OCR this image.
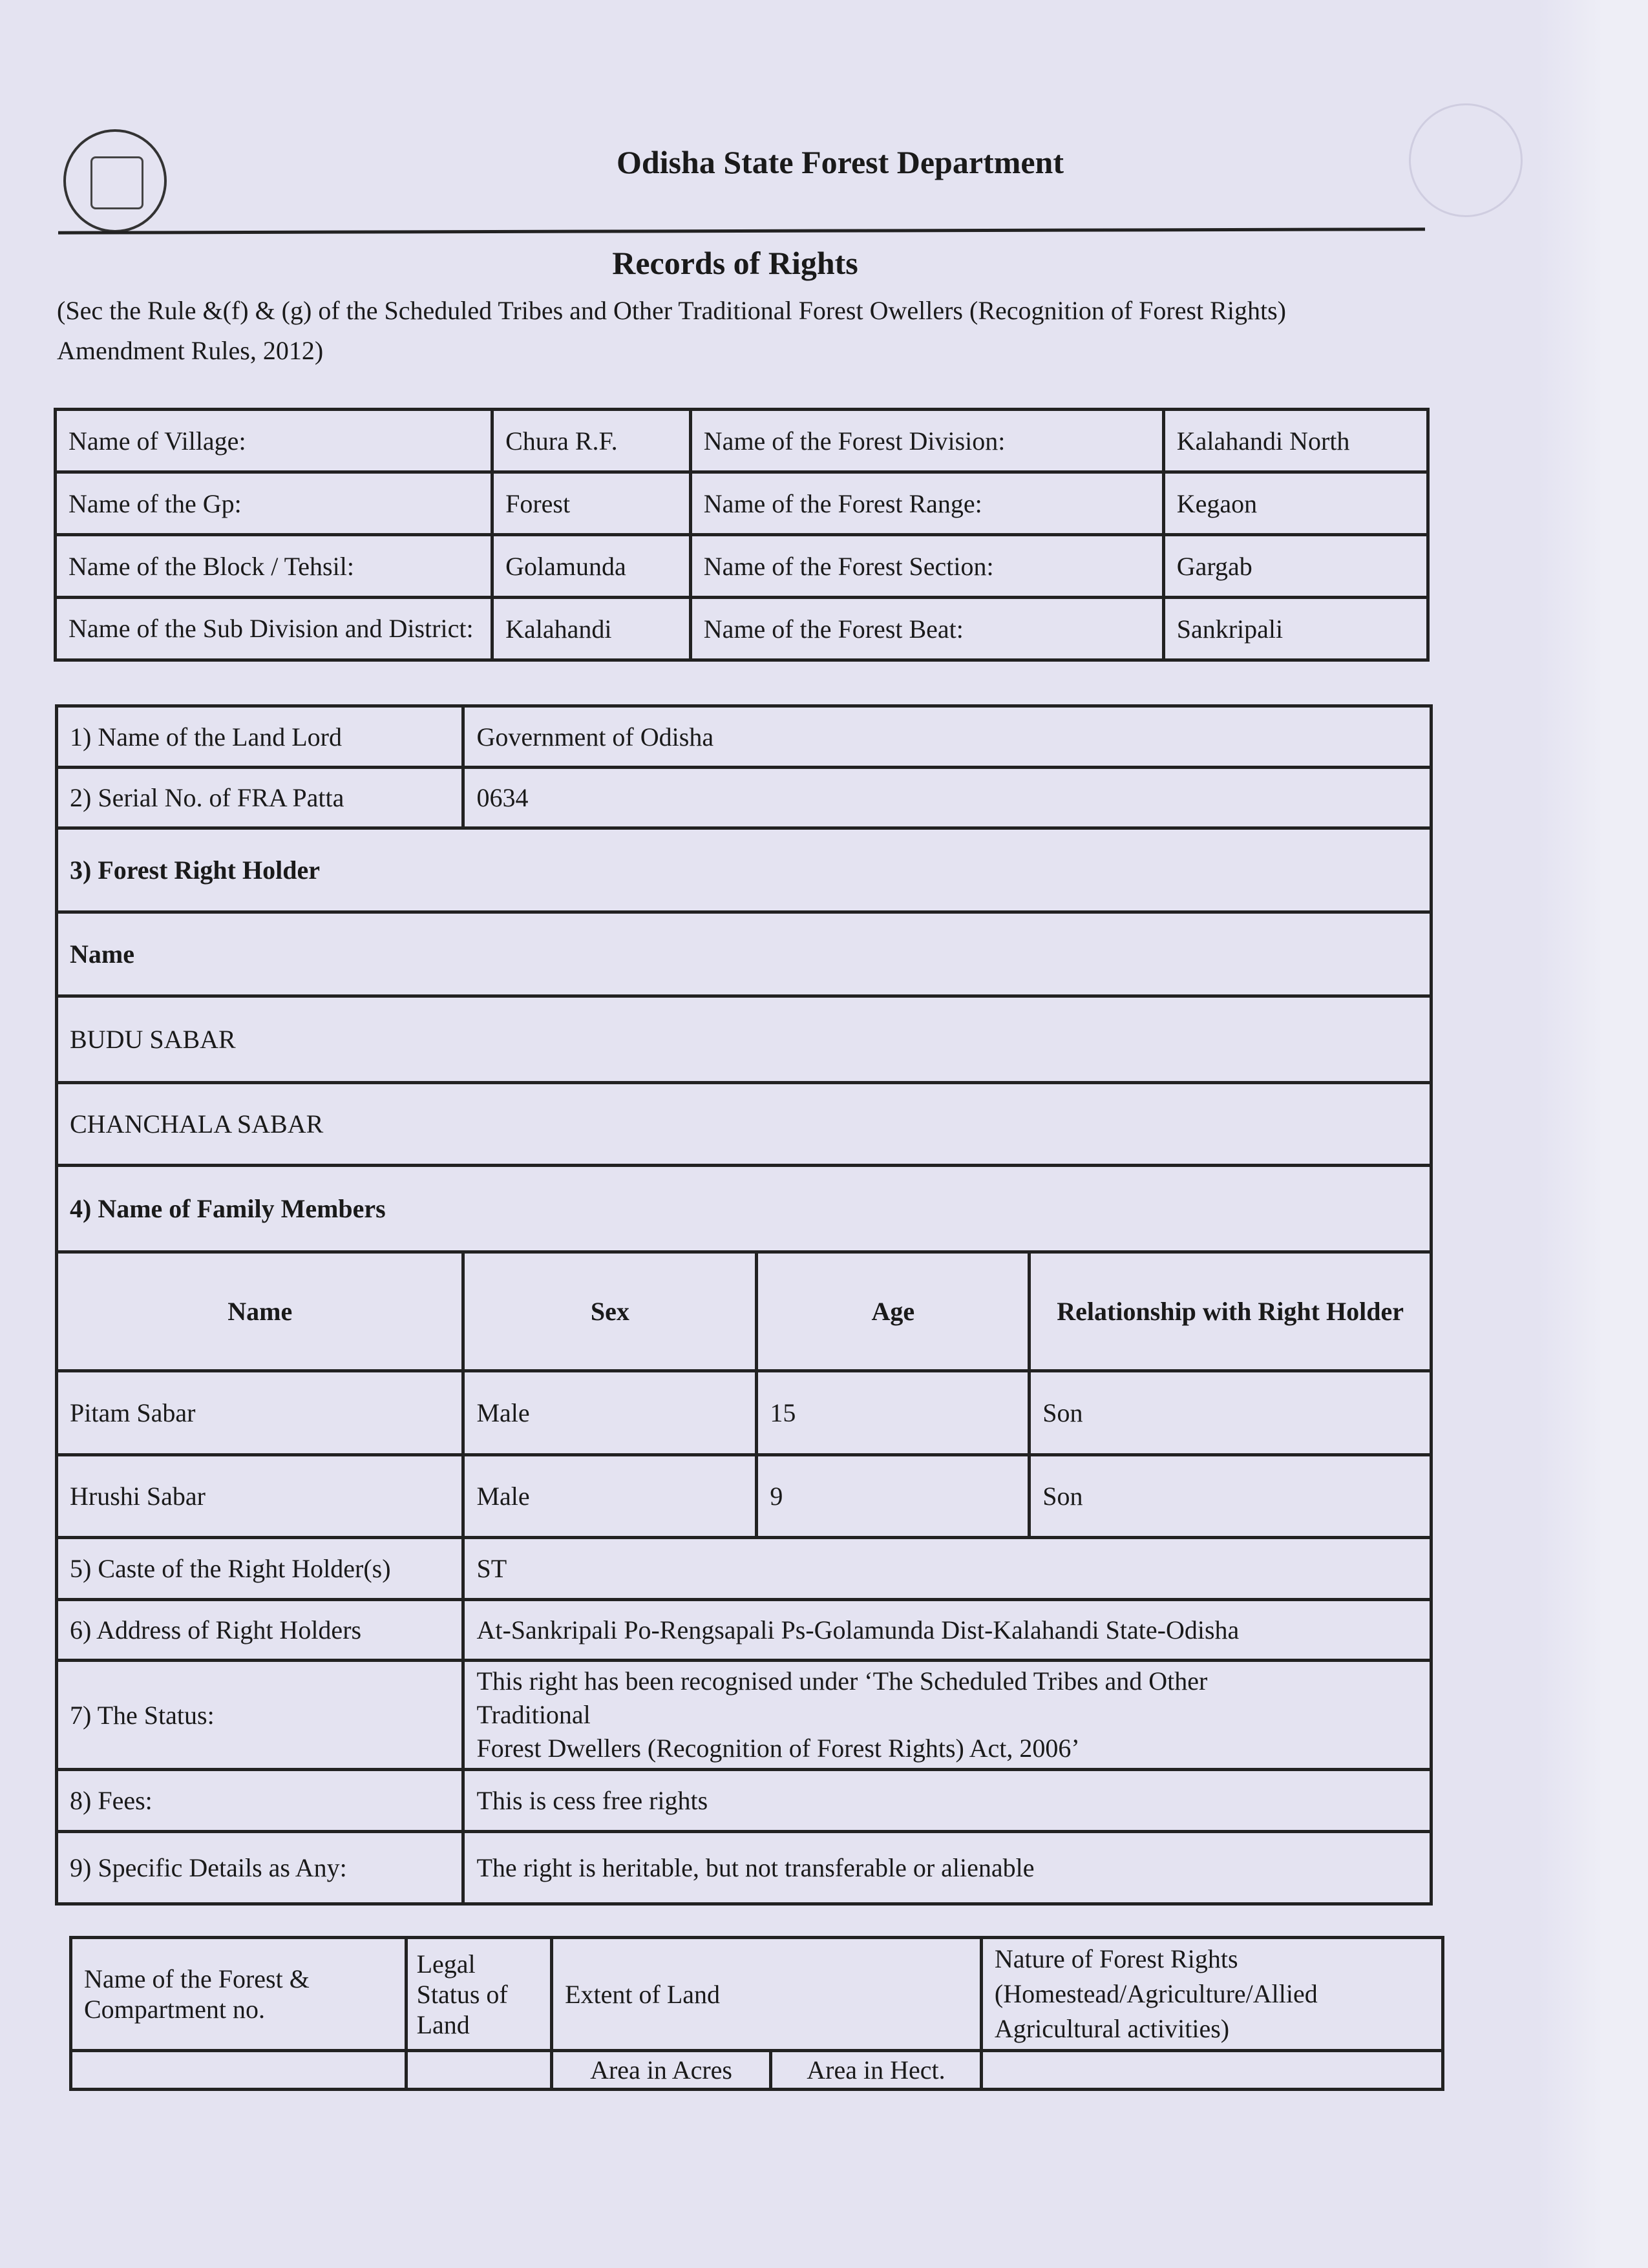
Odisha State Forest Department
Records of Rights
(Sec the Rule &(f) & (g) of the Scheduled Tribes and Other Traditional Forest Owellers (Recognition of Forest Rights) Amendment Rules, 2012)
Name of Village:	Chura R.F.	Name of the Forest Division:	Kalahandi North
Name of the Gp:	Forest	Name of the Forest Range:	Kegaon
Name of the Block / Tehsil:	Golamunda	Name of the Forest Section:	Gargab
Name of the Sub Division and District:	Kalahandi	Name of the Forest Beat:	Sankripali
1) Name of the Land Lord	Government of Odisha		
2) Serial No. of FRA Patta	0634		
3) Forest Right Holder			
Name			
BUDU SABAR			
CHANCHALA SABAR			
4) Name of Family Members			
Name	Sex	Age	Relationship with Right Holder
Pitam Sabar	Male	15	Son
Hrushi Sabar	Male	9	Son
5) Caste of the Right Holder(s)	ST		
6) Address of Right Holders	At-Sankripali Po-Rengsapali Ps-Golamunda Dist-Kalahandi State-Odisha		
7) The Status:	This right has been recognised under ‘The Scheduled Tribes and Other
Traditional
Forest Dwellers (Recognition of Forest Rights) Act, 2006’		

8) Fees:	This is cess free rights		
9) Specific Details as Any:	The right is heritable, but not transferable or alienable		
Name of the Forest & Compartment no.	Legal Status of Land	Extent of Land		Nature of Forest Rights (Homestead/Agriculture/Allied Agricultural activities)
		Area in Acres	Area in Hect.	
